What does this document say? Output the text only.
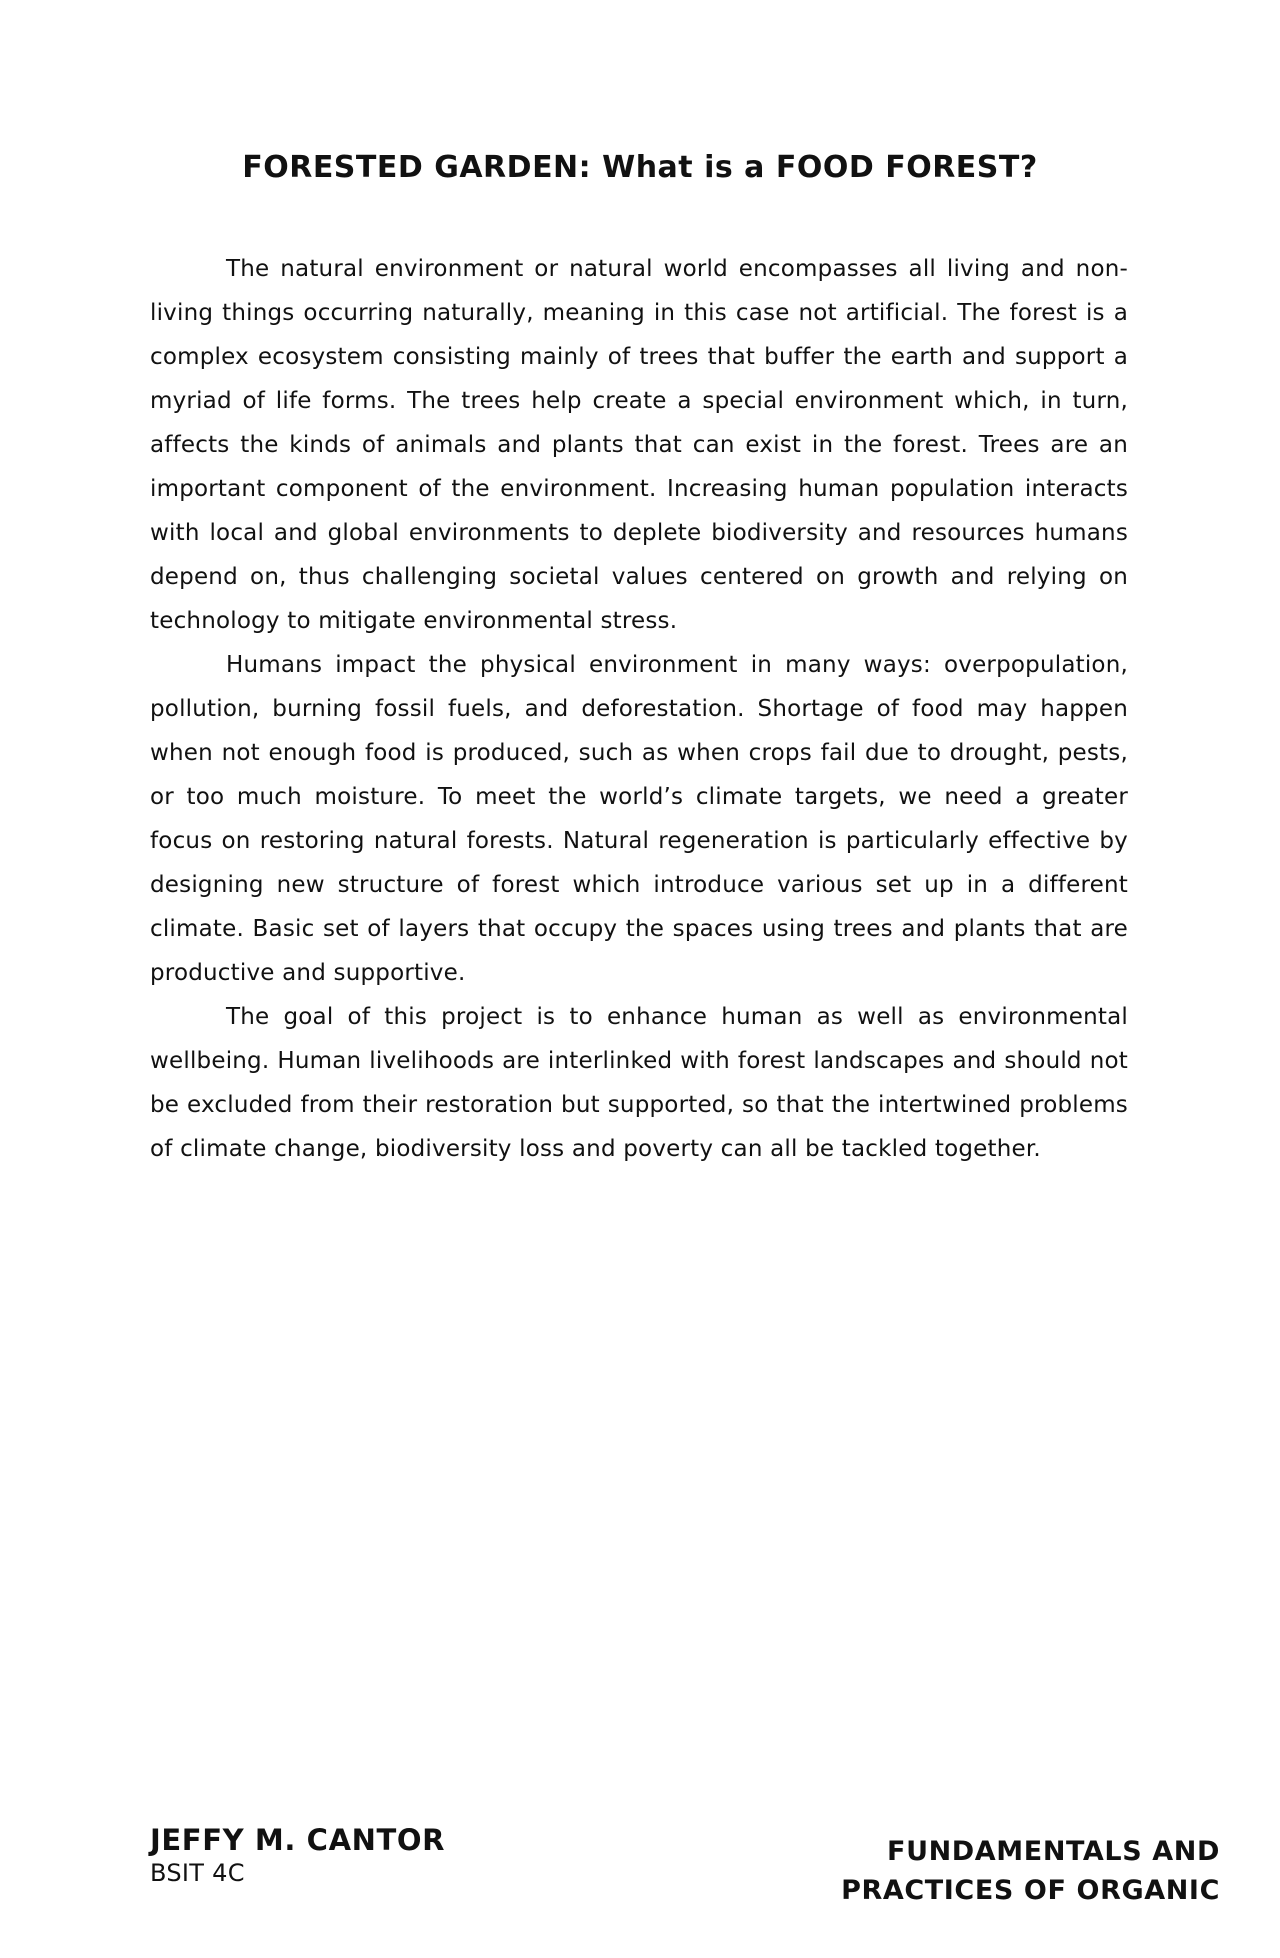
FORESTED GARDEN: What is a FOOD FOREST?

The natural environment or natural world encompasses all living and non-living things occurring naturally, meaning in this case not artificial. The forest is a complex ecosystem consisting mainly of trees that buffer the earth and support a myriad of life forms. The trees help create a special environment which, in turn, affects the kinds of animals and plants that can exist in the forest. Trees are an important component of the environment. Increasing human population interacts with local and global environments to deplete biodiversity and resources humans depend on, thus challenging societal values centered on growth and relying on technology to mitigate environmental stress.

Humans impact the physical environment in many ways: overpopulation, pollution, burning fossil fuels, and deforestation. Shortage of food may happen when not enough food is produced, such as when crops fail due to drought, pests, or too much moisture. To meet the world’s climate targets, we need a greater focus on restoring natural forests. Natural regeneration is particularly effective by designing new structure of forest which introduce various set up in a different climate. Basic set of layers that occupy the spaces using trees and plants that are productive and supportive.

The goal of this project is to enhance human as well as environmental wellbeing. Human livelihoods are interlinked with forest landscapes and should not be excluded from their restoration but supported, so that the intertwined problems of climate change, biodiversity loss and poverty can all be tackled together.

JEFFY M. CANTOR
BSIT 4C
FUNDAMENTALS AND
PRACTICES OF ORGANIC
